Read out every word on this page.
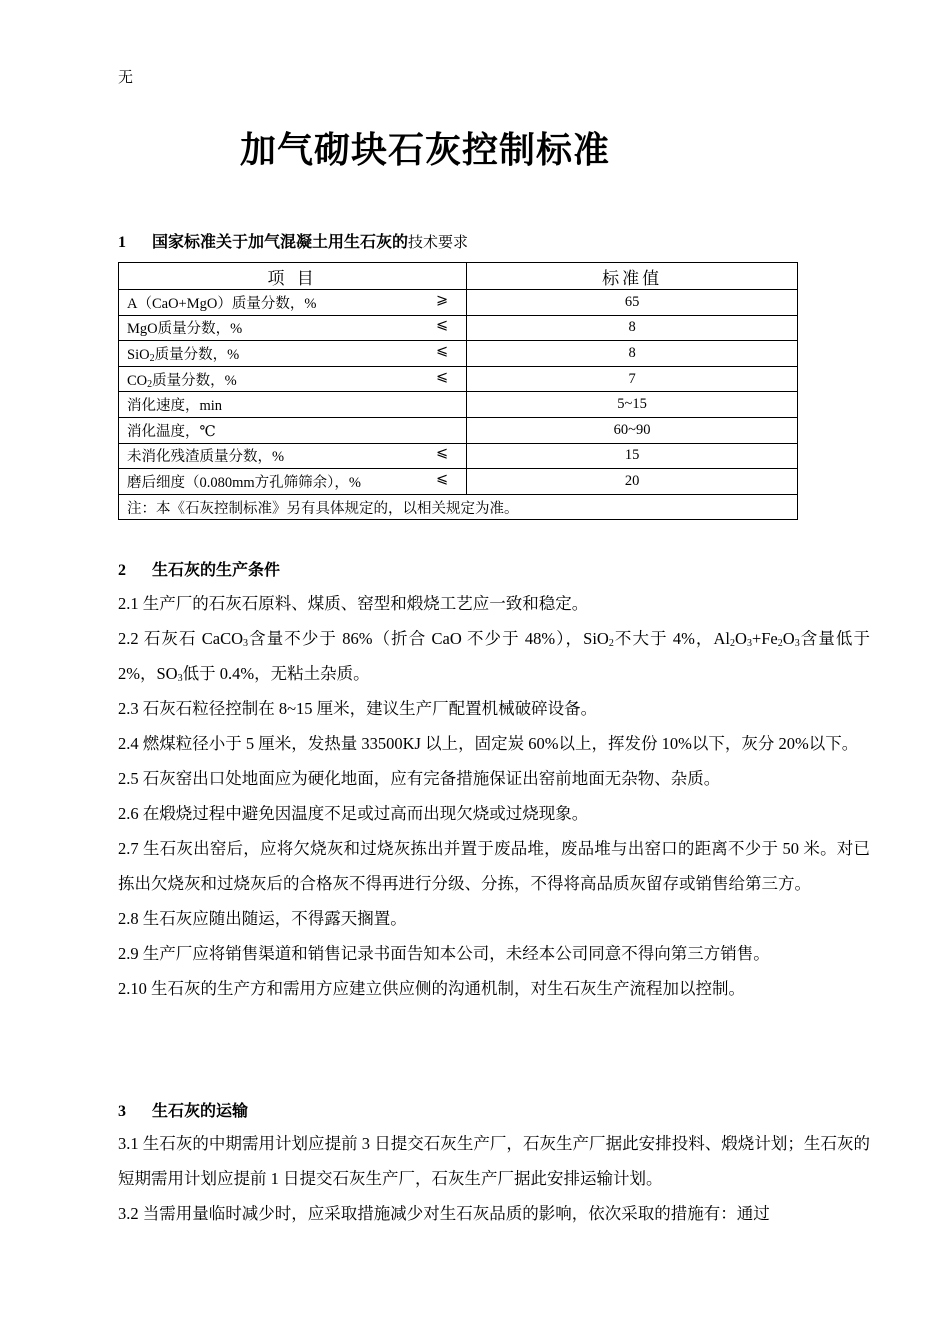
无
加气砌块石灰控制标准
1 国家标准关于加气混凝土用生石灰的技术要求
项 目	标准值
A（CaO+MgO）质量分数，% ⩾	65
MgO质量分数，% ⩽	8
SiO$_2$质量分数，% ⩽	8
$CO_2$质量分数，% ⩽	7
消化速度，min	5~15
消化温度，℃	60~90
未消化残渣质量分数，% ⩽	15
磨后细度（0.080mm方孔筛筛余），% ⩽	20
注：本《石灰控制标准》另有具体规定的，以相关规定为准。	
2 生石灰的生产条件

2.1 生产厂的石灰石原料、煤质、窑型和煅烧工艺应一致和稳定。

2.2 石灰石 CaCO$_3$含量不少于 86%（折合 CaO 不少于 48%），SiO$_2$不大于 4%，$Al_2O_3+Fe_2O_3$含量低于 2%，$SO_3$低于 0.4%，无粘土杂质。

2.3 石灰石粒径控制在 8~15 厘米，建议生产厂配置机械破碎设备。

2.4 燃煤粒径小于 5 厘米，发热量 33500KJ 以上，固定炭 60%以上，挥发份 10%以下，灰分 20%以下。

2.5 石灰窑出口处地面应为硬化地面，应有完备措施保证出窑前地面无杂物、杂质。

2.6 在煅烧过程中避免因温度不足或过高而出现欠烧或过烧现象。

2.7 生石灰出窑后，应将欠烧灰和过烧灰拣出并置于废品堆，废品堆与出窑口的距离不少于 50 米。对已拣出欠烧灰和过烧灰后的合格灰不得再进行分级、分拣，不得将高品质灰留存或销售给第三方。

2.8 生石灰应随出随运，不得露天搁置。

2.9 生产厂应将销售渠道和销售记录书面告知本公司，未经本公司同意不得向第三方销售。

2.10 生石灰的生产方和需用方应建立供应侧的沟通机制，对生石灰生产流程加以控制。

3 生石灰的运输

3.1 生石灰的中期需用计划应提前 3 日提交石灰生产厂，石灰生产厂据此安排投料、煅烧计划；生石灰的短期需用计划应提前 1 日提交石灰生产厂，石灰生产厂据此安排运输计划。

3.2 当需用量临时减少时，应采取措施减少对生石灰品质的影响，依次采取的措施有：通过
